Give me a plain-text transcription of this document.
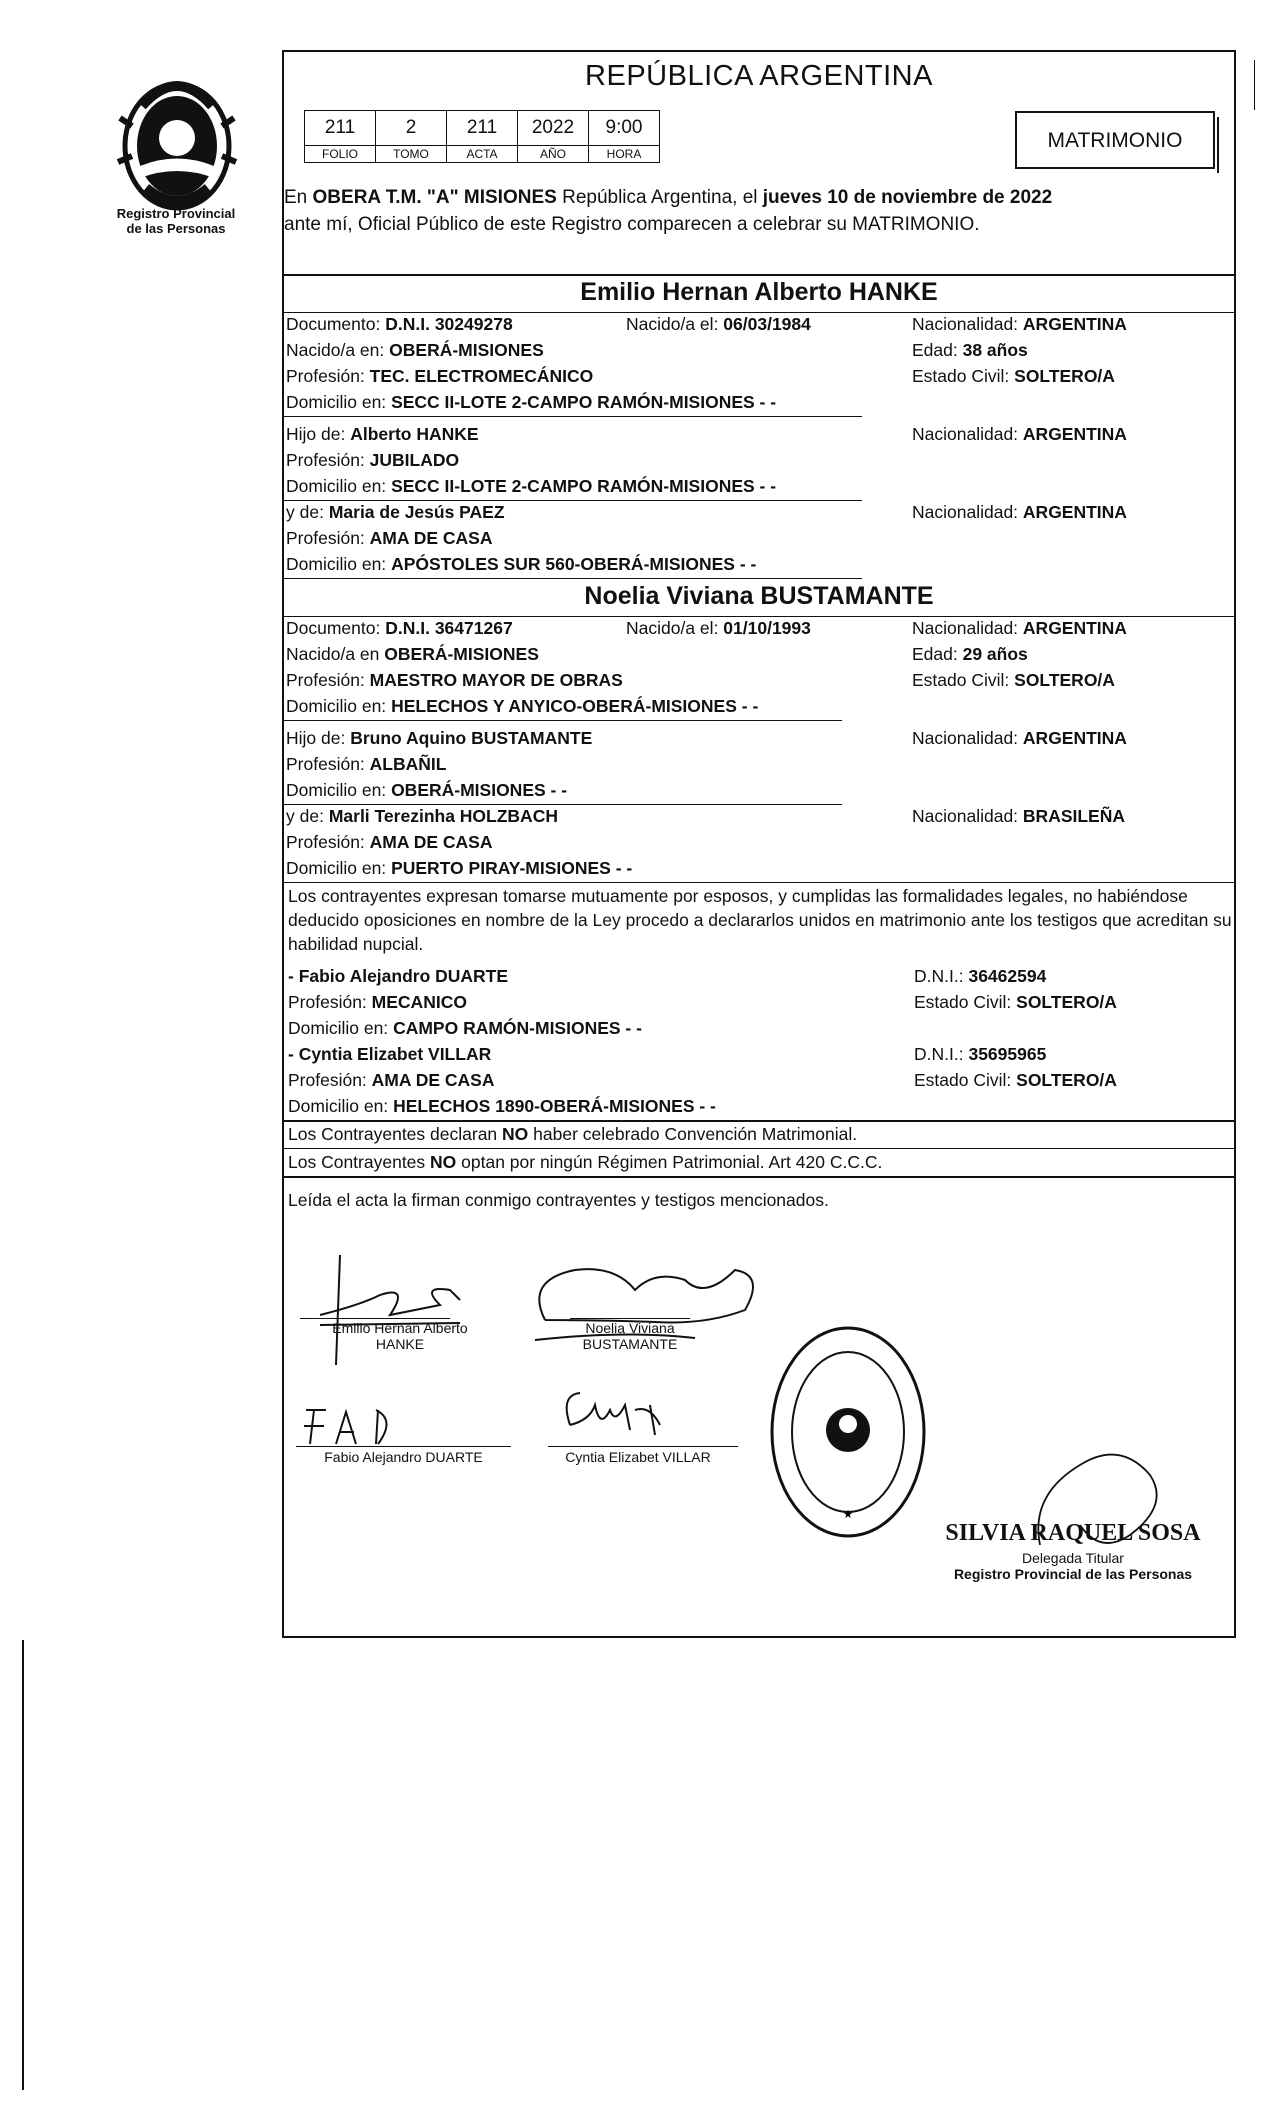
Registro Provincial
de las Personas
REPÚBLICA ARGENTINA
211	2	211	2022	9:00
FOLIO	TOMO	ACTA	AÑO	HORA
MATRIMONIO
En OBERA T.M. "A" MISIONES República Argentina, el jueves 10 de noviembre de 2022
ante mí, Oficial Público de este Registro comparecen a celebrar su MATRIMONIO.
Emilio Hernan Alberto HANKE
Documento: D.N.I. 30249278	Nacido/a el: 06/03/1984	Nacionalidad: ARGENTINA
Nacido/a en: OBERÁ-MISIONES	Edad: 38 años
Profesión: TEC. ELECTROMECÁNICO	Estado Civil: SOLTERO/A
Domicilio en: SECC II-LOTE 2-CAMPO RAMÓN-MISIONES - -
Hijo de: Alberto HANKE	Nacionalidad: ARGENTINA
Profesión: JUBILADO
Domicilio en: SECC II-LOTE 2-CAMPO RAMÓN-MISIONES - -
y de: Maria de Jesús PAEZ	Nacionalidad: ARGENTINA
Profesión: AMA DE CASA
Domicilio en: APÓSTOLES SUR 560-OBERÁ-MISIONES - -
Noelia Viviana BUSTAMANTE
Documento: D.N.I. 36471267	Nacido/a el: 01/10/1993	Nacionalidad: ARGENTINA
Nacido/a en OBERÁ-MISIONES	Edad: 29 años
Profesión: MAESTRO MAYOR DE OBRAS	Estado Civil: SOLTERO/A
Domicilio en: HELECHOS Y ANYICO-OBERÁ-MISIONES - -
Hijo de: Bruno Aquino BUSTAMANTE	Nacionalidad: ARGENTINA
Profesión: ALBAÑIL
Domicilio en: OBERÁ-MISIONES - -
y de: Marli Terezinha HOLZBACH	Nacionalidad: BRASILEÑA
Profesión: AMA DE CASA
Domicilio en: PUERTO PIRAY-MISIONES - -
Los contrayentes expresan tomarse mutuamente por esposos, y cumplidas las formalidades legales, no habiéndose deducido oposiciones en nombre de la Ley procedo a declararlos unidos en matrimonio ante los testigos que acreditan su habilidad nupcial.
- Fabio Alejandro DUARTE	D.N.I.: 36462594
Profesión: MECANICO	Estado Civil: SOLTERO/A
Domicilio en: CAMPO RAMÓN-MISIONES - -
- Cyntia Elizabet VILLAR	D.N.I.: 35695965
Profesión: AMA DE CASA	Estado Civil: SOLTERO/A
Domicilio en: HELECHOS 1890-OBERÁ-MISIONES - -
Los Contrayentes declaran NO haber celebrado Convención Matrimonial.
Los Contrayentes NO optan por ningún Régimen Patrimonial. Art 420 C.C.C.
Leída el acta la firman conmigo contrayentes y testigos mencionados.
Emilio Hernan Alberto
HANKE
Noelia Viviana
BUSTAMANTE
Fabio Alejandro DUARTE	Cyntia Elizabet VILLAR
★
SILVIA RAQUEL SOSA
Delegada Titular
Registro Provincial de las Personas
